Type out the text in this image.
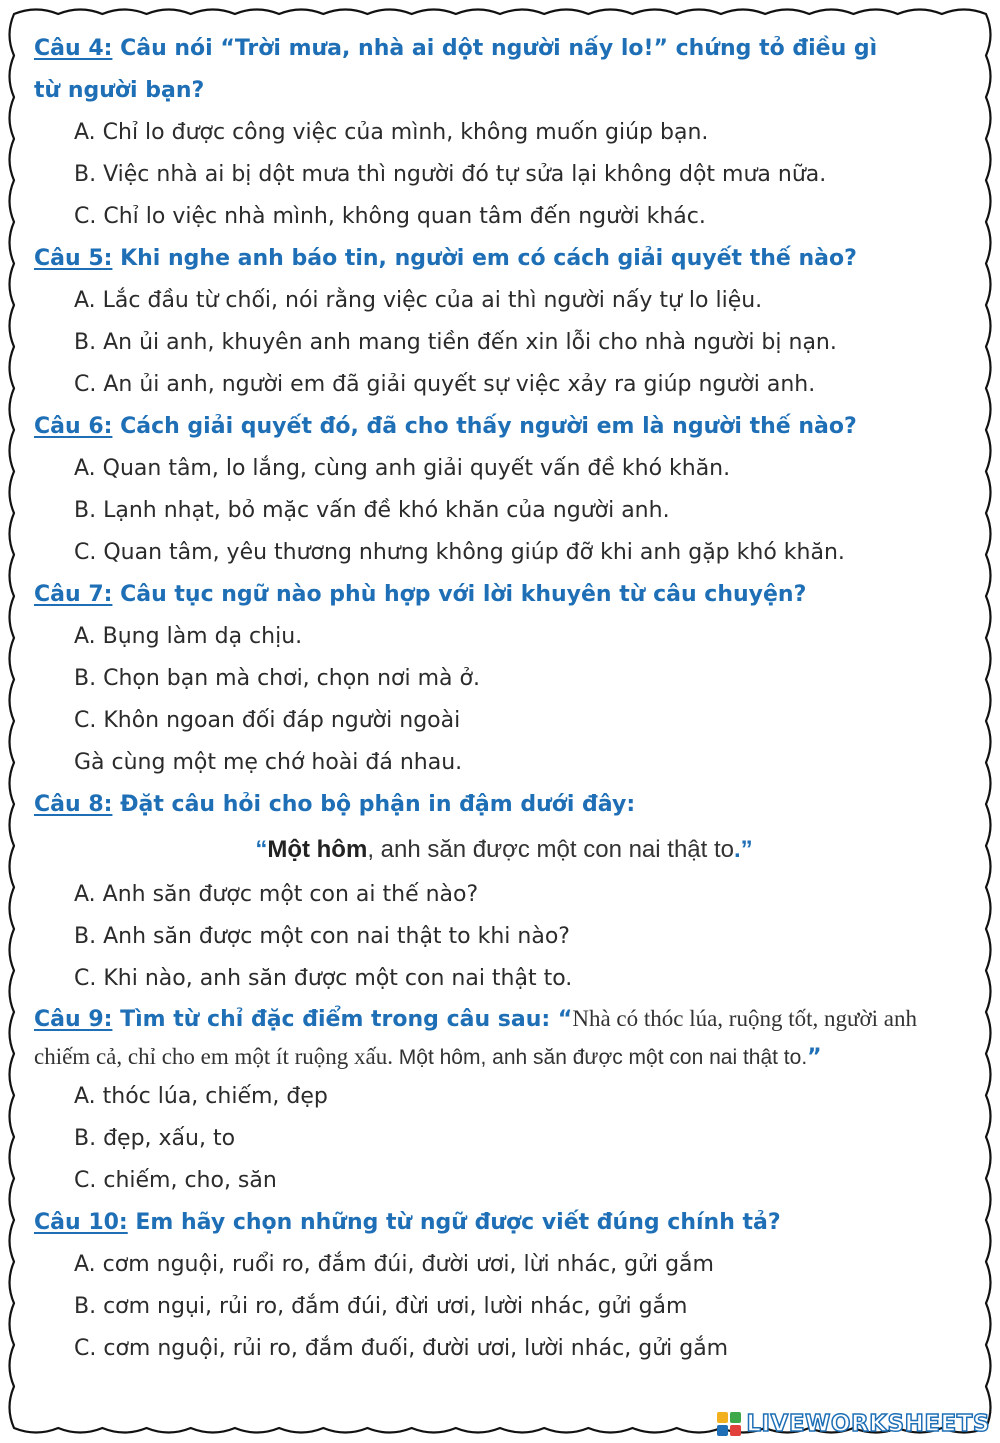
Câu 4: Câu nói “Trời mưa, nhà ai dột người nấy lo!” chứng tỏ điều gì
từ người bạn?
A. Chỉ lo được công việc của mình, không muốn giúp bạn.
B. Việc nhà ai bị dột mưa thì người đó tự sửa lại không dột mưa nữa.
C. Chỉ lo việc nhà mình, không quan tâm đến người khác.
Câu 5: Khi nghe anh báo tin, người em có cách giải quyết thế nào?
A. Lắc đầu từ chối, nói rằng việc của ai thì người nấy tự lo liệu.
B. An ủi anh, khuyên anh mang tiền đến xin lỗi cho nhà người bị nạn.
C. An ủi anh, người em đã giải quyết sự việc xảy ra giúp người anh.
Câu 6: Cách giải quyết đó, đã cho thấy người em là người thế nào?
A. Quan tâm, lo lắng, cùng anh giải quyết vấn đề khó khăn.
B. Lạnh nhạt, bỏ mặc vấn đề khó khăn của người anh.
C. Quan tâm, yêu thương nhưng không giúp đỡ khi anh gặp khó khăn.
Câu 7: Câu tục ngữ nào phù hợp với lời khuyên từ câu chuyện?
A. Bụng làm dạ chịu.
B. Chọn bạn mà chơi, chọn nơi mà ở.
C. Khôn ngoan đối đáp người ngoài
Gà cùng một mẹ chớ hoài đá nhau.
Câu 8: Đặt câu hỏi cho bộ phận in đậm dưới đây:
“Một hôm, anh săn được một con nai thật to.”
A. Anh săn được một con ai thế nào?
B. Anh săn được một con nai thật to khi nào?
C. Khi nào, anh săn được một con nai thật to.
Câu 9: Tìm từ chỉ đặc điểm trong câu sau: “Nhà có thóc lúa, ruộng tốt, người anh chiếm cả, chỉ cho em một ít ruộng xấu. Một hôm, anh săn được một con nai thật to.”
A. thóc lúa, chiếm, đẹp
B. đẹp, xấu, to
C. chiếm, cho, săn
Câu 10: Em hãy chọn những từ ngữ được viết đúng chính tả?
A. cơm nguội, ruổi ro, đắm đúi, đười ươi, lừi nhác, gửi gắm
B. cơm ngụi, rủi ro, đắm đúi, đừi ươi, lười nhác, gửi gắm
C. cơm nguội, rủi ro, đắm đuối, đười ươi, lười nhác, gửi gắm
LIVEWORKSHEETS
